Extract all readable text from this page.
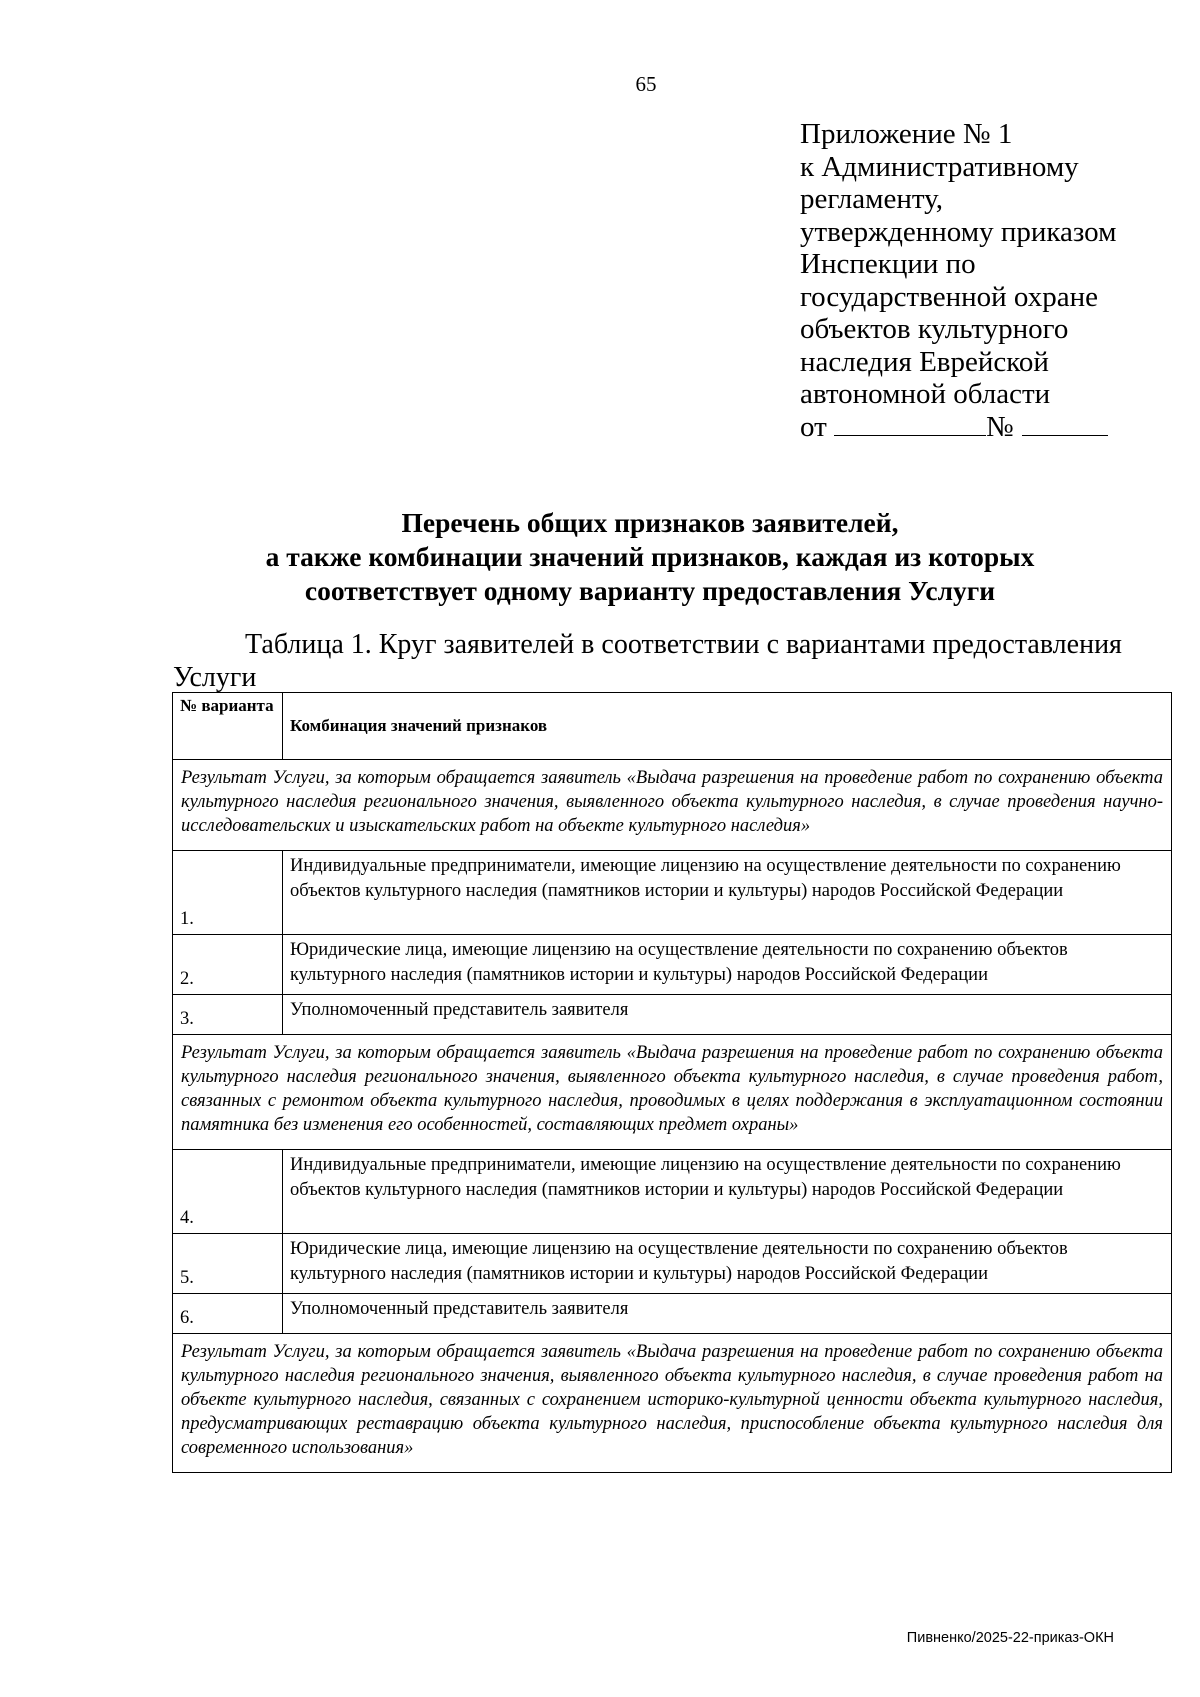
65
Приложение № 1
к Административному
регламенту,
утвержденному приказом
Инспекции по
государственной охране
объектов культурного
наследия Еврейской
автономной области
от	№
Перечень общих признаков заявителей,
а также комбинации значений признаков, каждая из которых
соответствует одному варианту предоставления Услуги
Таблица 1. Круг заявителей в соответствии с вариантами предоставления Услуги
№ варианта	Комбинация значений признаков
Результат Услуги, за которым обращается заявитель «Выдача разрешения на проведение работ по сохранению объекта культурного наследия регионального значения, выявленного объекта культурного наследия, в случае проведения научно-исследовательских и изыскательских работ на объекте культурного наследия»	
1.	Индивидуальные предприниматели, имеющие лицензию на осуществление деятельности по сохранению объектов культурного наследия (памятников истории и культуры) народов Российской Федерации
2.	Юридические лица, имеющие лицензию на осуществление деятельности по сохранению объектов культурного наследия (памятников истории и культуры) народов Российской Федерации
3.	Уполномоченный представитель заявителя
Результат Услуги, за которым обращается заявитель «Выдача разрешения на проведение работ по сохранению объекта культурного наследия регионального значения, выявленного объекта культурного наследия, в случае проведения работ, связанных с ремонтом объекта культурного наследия, проводимых в целях поддержания в эксплуатационном состоянии памятника без изменения его особенностей, составляющих предмет охраны»	
4.	Индивидуальные предприниматели, имеющие лицензию на осуществление деятельности по сохранению объектов культурного наследия (памятников истории и культуры) народов Российской Федерации
5.	Юридические лица, имеющие лицензию на осуществление деятельности по сохранению объектов культурного наследия (памятников истории и культуры) народов Российской Федерации
6.	Уполномоченный представитель заявителя
Результат Услуги, за которым обращается заявитель «Выдача разрешения на проведение работ по сохранению объекта культурного наследия регионального значения, выявленного объекта культурного наследия, в случае проведения работ на объекте культурного наследия, связанных с сохранением историко-культурной ценности объекта культурного наследия, предусматривающих реставрацию объекта культурного наследия, приспособление объекта культурного наследия для современного использования»	
Пивненко/2025-22-приказ-ОКН
